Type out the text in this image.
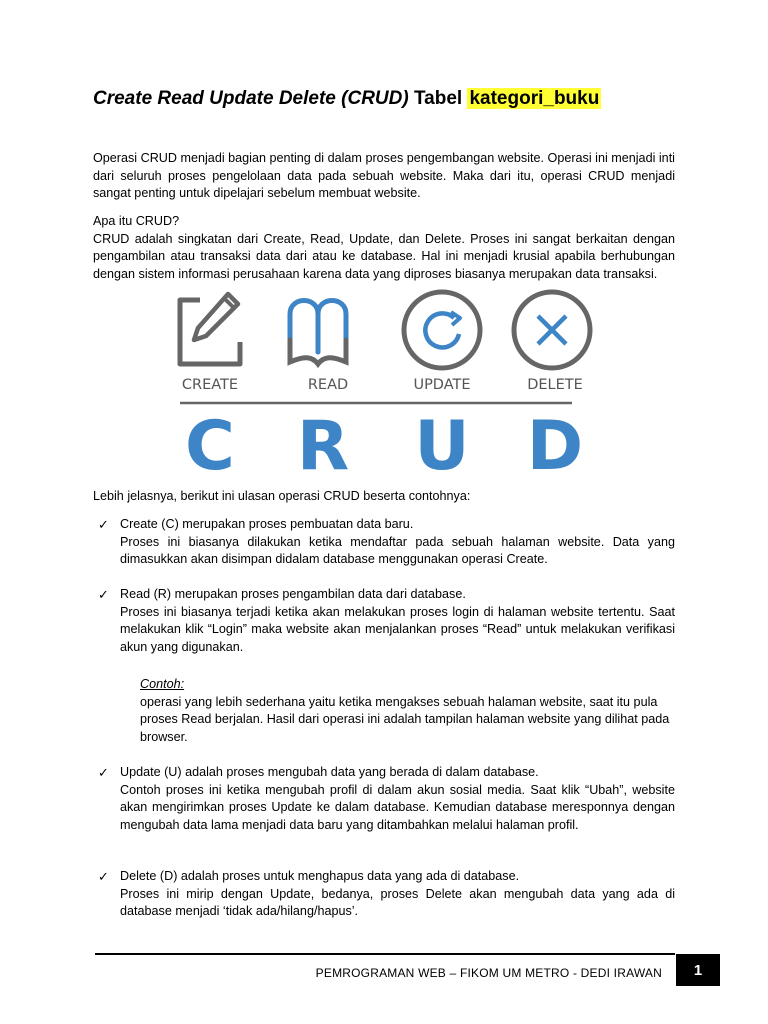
Create Read Update Delete (CRUD) Tabel kategori_buku
Operasi CRUD menjadi bagian penting di dalam proses pengembangan website. Operasi ini menjadi inti dari seluruh proses pengelolaan data pada sebuah website. Maka dari itu, operasi CRUD menjadi sangat penting untuk dipelajari sebelum membuat website.
Apa itu CRUD?
CRUD adalah singkatan dari Create, Read, Update, dan Delete. Proses ini sangat berkaitan dengan pengambilan atau transaksi data dari atau ke database. Hal ini menjadi krusial apabila berhubungan dengan sistem informasi perusahaan karena data yang diproses biasanya merupakan data transaksi.
CREATE	READ	UPDATE	DELETE
C R U D
Lebih jelasnya, berikut ini ulasan operasi CRUD beserta contohnya:
✓ Create (C) merupakan proses pembuatan data baru.
Proses ini biasanya dilakukan ketika mendaftar pada sebuah halaman website. Data yang dimasukkan akan disimpan didalam database menggunakan operasi Create.
✓ Read (R) merupakan proses pengambilan data dari database.
Proses ini biasanya terjadi ketika akan melakukan proses login di halaman website tertentu. Saat melakukan klik “Login” maka website akan menjalankan proses “Read” untuk melakukan verifikasi akun yang digunakan.
Contoh:
operasi yang lebih sederhana yaitu ketika mengakses sebuah halaman website, saat itu pula proses Read berjalan. Hasil dari operasi ini adalah tampilan halaman website yang dilihat pada browser.
✓ Update (U) adalah proses mengubah data yang berada di dalam database.
Contoh proses ini ketika mengubah profil di dalam akun sosial media. Saat klik “Ubah”, website akan mengirimkan proses Update ke dalam database. Kemudian database meresponnya dengan mengubah data lama menjadi data baru yang ditambahkan melalui halaman profil.
✓ Delete (D) adalah proses untuk menghapus data yang ada di database.
Proses ini mirip dengan Update, bedanya, proses Delete akan mengubah data yang ada di database menjadi ‘tidak ada/hilang/hapus’.
PEMROGRAMAN WEB – FIKOM UM METRO - DEDI IRAWAN	1
